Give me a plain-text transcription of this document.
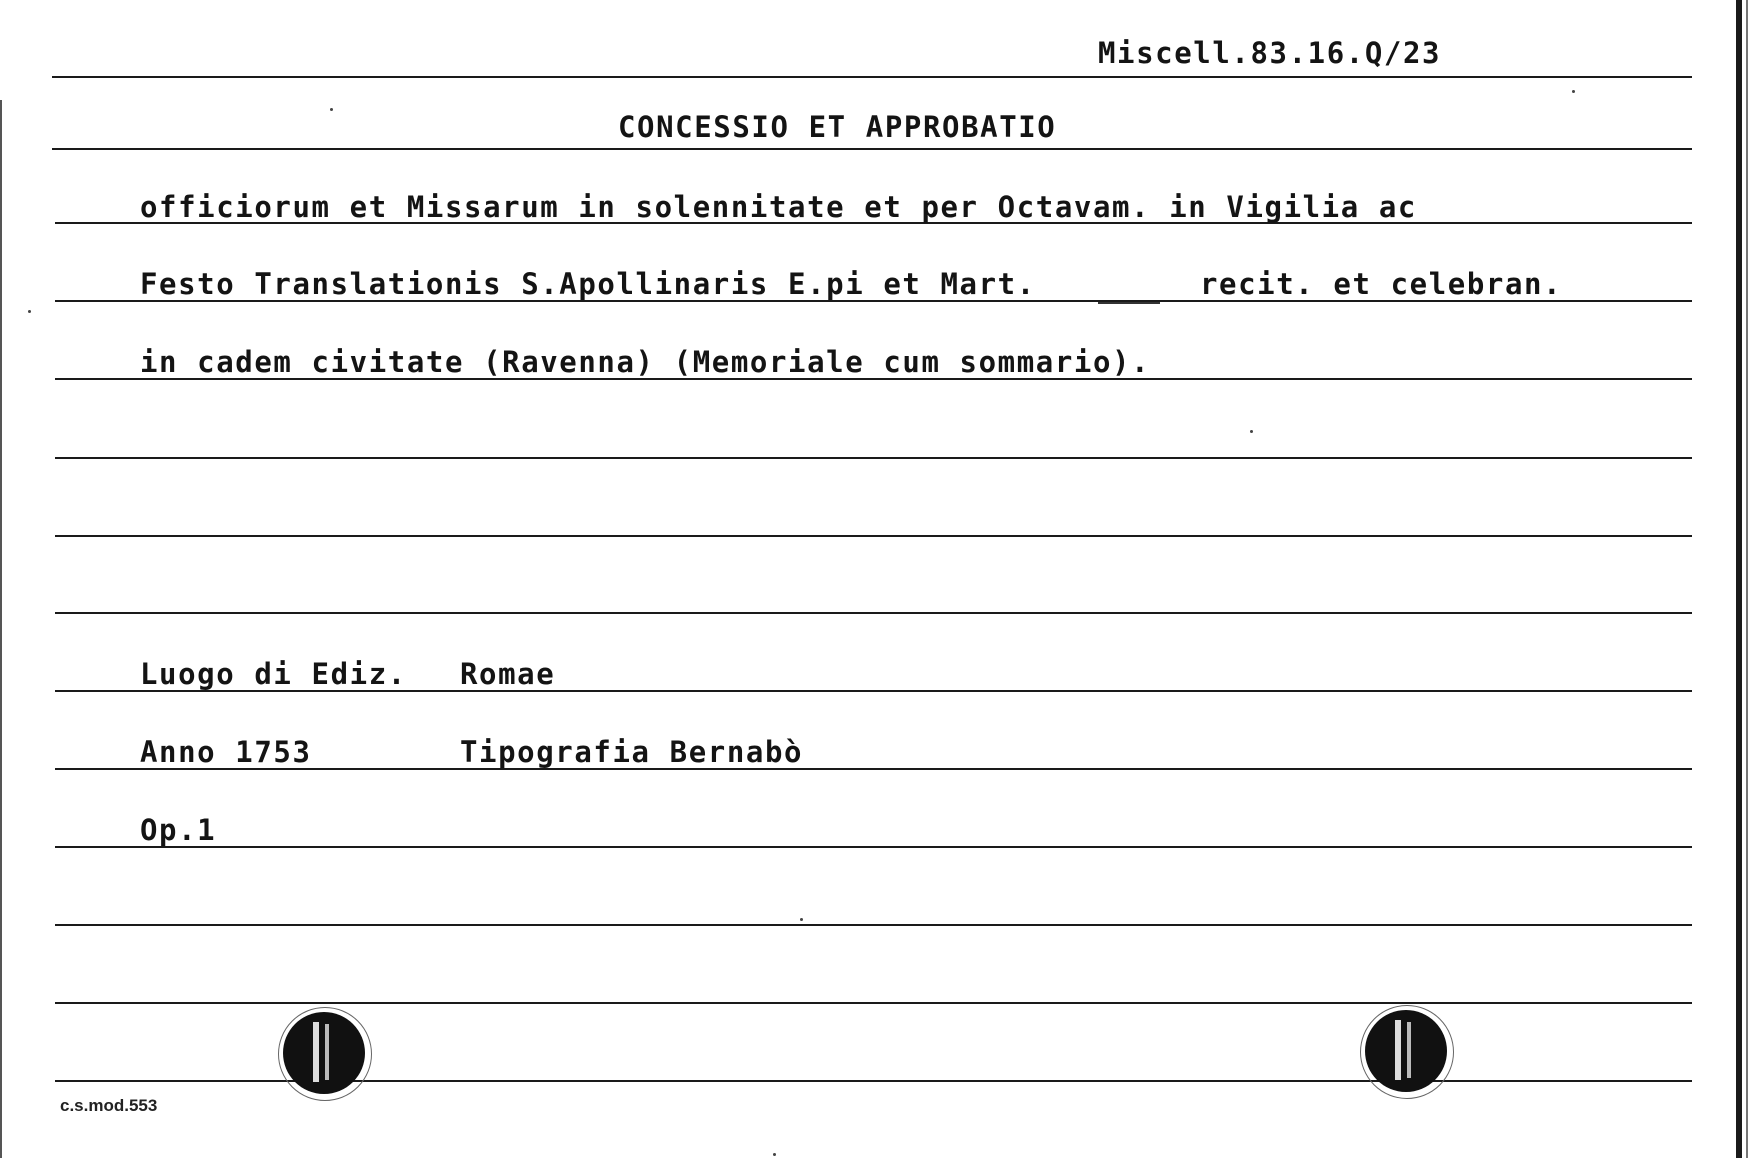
Miscell.83.16.Q/23
CONCESSIO ET APPROBATIO
officiorum et Missarum in solennitate et per Octavam. in Vigilia ac
Festo Translationis S.Apollinaris E.pi et Mart.	recit. et celebran.
in cadem civitate (Ravenna) (Memoriale cum sommario).
Luogo di Ediz. Romae
Anno 1753	Tipografia Bernabò
Op.1
c.s.mod.553
